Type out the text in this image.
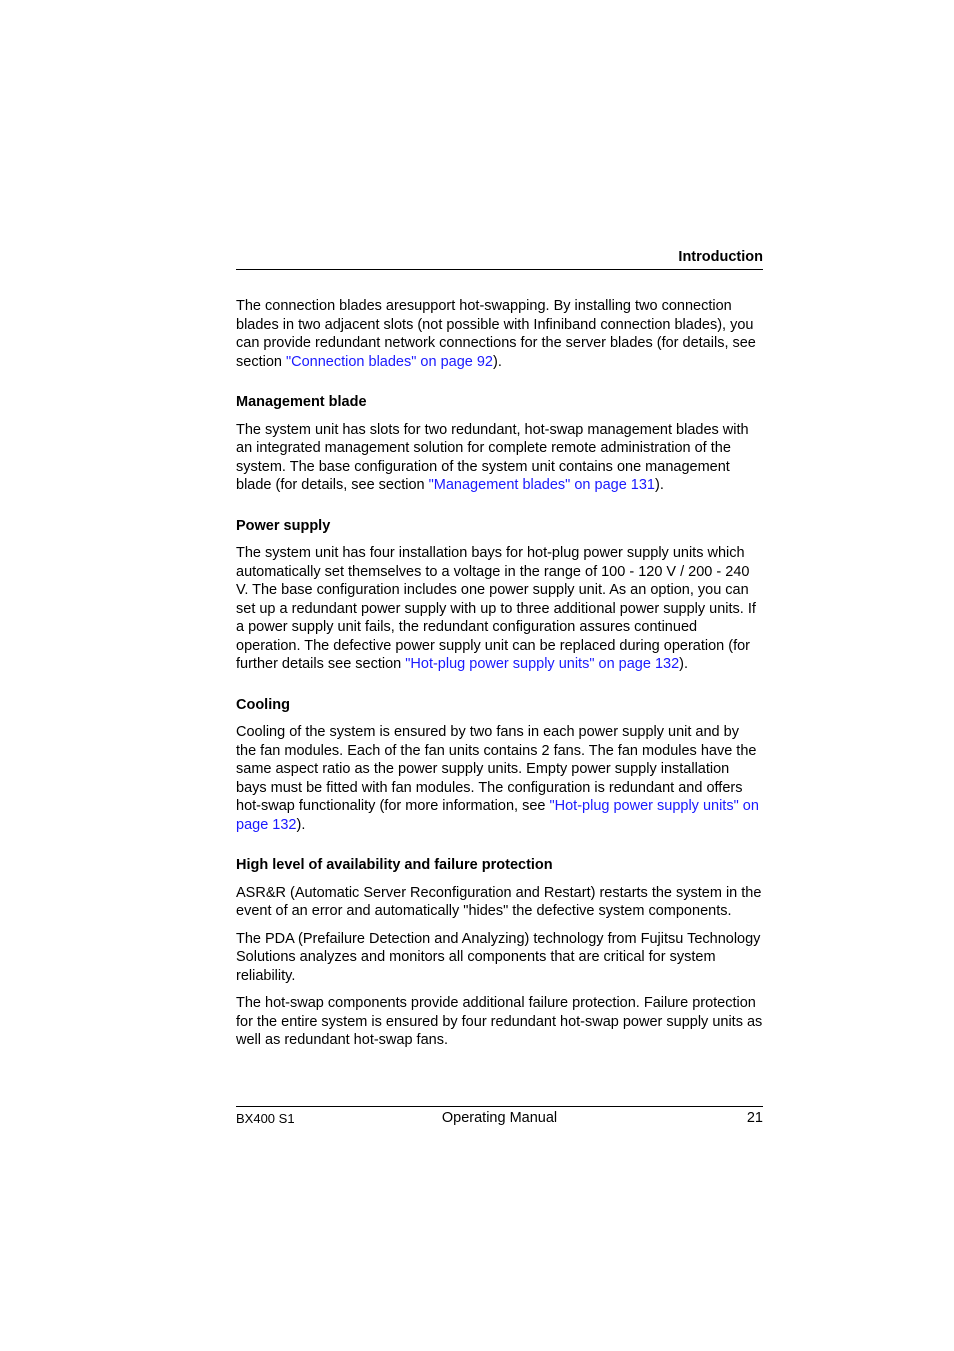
Introduction

The connection blades aresupport hot-swapping. By installing two connection blades in two adjacent slots (not possible with Infiniband connection blades), you can provide redundant network connections for the server blades (for details, see section "Connection blades" on page 92).

Management blade

The system unit has slots for two redundant, hot-swap management blades with an integrated management solution for complete remote administration of the system. The base configuration of the system unit contains one management blade (for details, see section "Management blades" on page 131).

Power supply

The system unit has four installation bays for hot-plug power supply units which automatically set themselves to a voltage in the range of 100 - 120 V / 200 - 240 V. The base configuration includes one power supply unit. As an option, you can set up a redundant power supply with up to three additional power supply units. If a power supply unit fails, the redundant configuration assures continued operation. The defective power supply unit can be replaced during operation (for further details see section "Hot-plug power supply units" on page 132).

Cooling

Cooling of the system is ensured by two fans in each power supply unit and by the fan modules. Each of the fan units contains 2 fans. The fan modules have the same aspect ratio as the power supply units. Empty power supply installation bays must be fitted with fan modules. The configuration is redundant and offers hot-swap functionality (for more information, see "Hot-plug power supply units" on page 132).

High level of availability and failure protection

ASR&R (Automatic Server Reconfiguration and Restart) restarts the system in the event of an error and automatically "hides" the defective system components.

The PDA (Prefailure Detection and Analyzing) technology from Fujitsu Technology Solutions analyzes and monitors all components that are critical for system reliability.

The hot-swap components provide additional failure protection. Failure protection for the entire system is ensured by four redundant hot-swap power supply units as well as redundant hot-swap fans.

BX400 S1	Operating Manual	21
